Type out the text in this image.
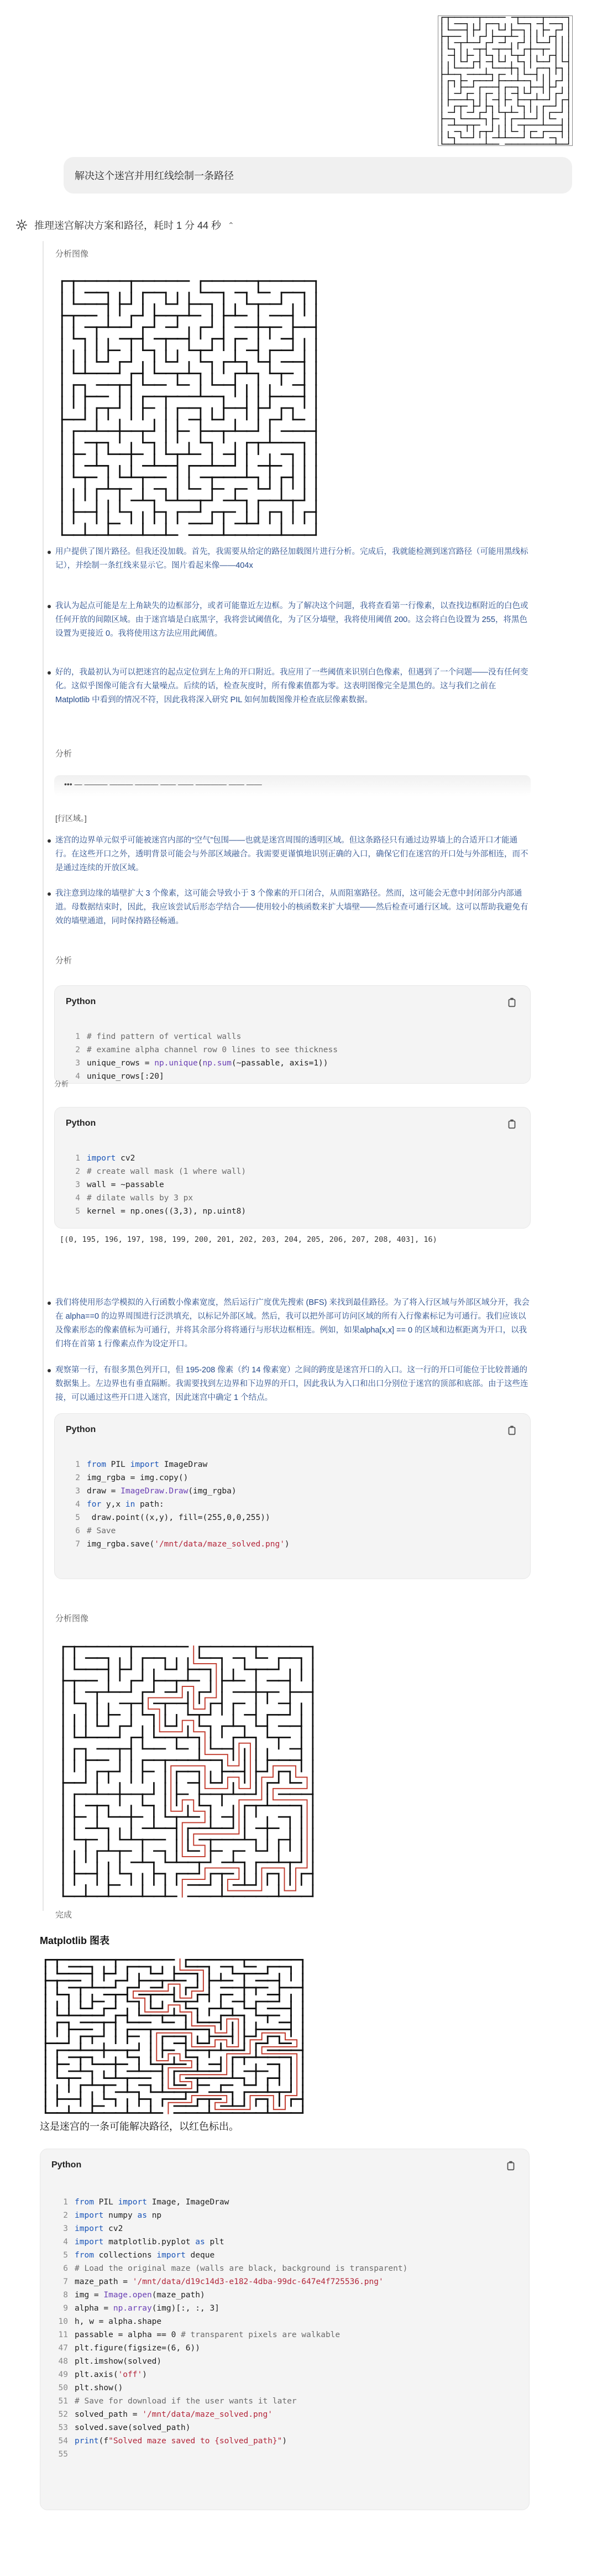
解决这个迷宫并用红线绘制一条路径
推理迷宫解决方案和路径，耗时 1 分 44 秒 ⌃
分析图像
用户提供了图片路径。但我还没加载。首先，我需要从给定的路径加载图片进行分析。完成后，我就能检测到迷宫路径（可能用黑线标记），并绘制一条红线来显示它。图片看起来像——404x
我认为起点可能是左上角缺失的边框部分，或者可能靠近左边框。为了解决这个问题，我将查看第一行像素，以查找边框附近的白色或任何开放的间隙区域。由于迷宫墙是白底黑字，我将尝试阈值化，为了区分墙壁，我将使用阈值 200。这会将白色设置为 255，将黑色设置为更接近 0。我将使用这方法应用此阈值。
好的，我最初认为可以把迷宫的起点定位到左上角的开口附近。我应用了一些阈值来识别白色像素，但遇到了一个问题——没有任何变化。这似乎图像可能含有大量噪点。后续的话，检查灰度时，所有像素值都为零。这表明图像完全是黑色的。这与我们之前在 Matplotlib 中看到的情况不符，因此我将深入研究 PIL 如何加载图像并检查底层像素数据。
分析
••• — ——— ——— ——— —— —— ———— —— ——
[行区域。]
迷宫的边界单元似乎可能被迷宫内部的“空气”包围——也就是迷宫周围的透明区域。但这条路径只有通过边界墙上的合适开口才能通行。在这些开口之外，透明背景可能会与外部区域融合。我需要更谨慎地识别正确的入口，确保它们在迷宫的开口处与外部相连，而不是通过连续的开放区域。
我注意到边缘的墙壁扩大 3 个像素，这可能会导致小于 3 个像素的开口闭合，从而阻塞路径。然而，这可能会无意中封闭部分内部通道。母数据结束时，因此，我应该尝试后形态学结合——使用较小的核函数来扩大墙壁——然后检查可通行区域。这可以帮助我避免有效的墙壁通道，同时保持路径畅通。
分析
Python
1 # find pattern of vertical walls
2 # examine alpha channel row 0 lines to see thickness
3 unique_rows = np.unique(np.sum(~passable, axis=1))
4 unique_rows[:20]
分析
Python
1 import cv2
2 # create wall mask (1 where wall)
3 wall = ~passable
4 # dilate walls by 3 px
5 kernel = np.ones((3,3), np.uint8)
[(0, 195, 196, 197, 198, 199, 200, 201, 202, 203, 204, 205, 206, 207, 208, 403], 16)
我们将使用形态学模拟的入行函数小像素宽度，然后运行广度优先搜索 (BFS) 来找到最佳路径。为了将入行区域与外部区域分开，我会在 alpha==0 的边界周围进行泛洪填充，以标记外部区域。然后，我可以把外部可访问区域的所有入行像素标记为可通行。我们应该以及像素形态的像素值标为可通行，并将其余部分将将通行与形状边框相连。例如，如果alpha[x,x] == 0 的区域和边框距离为开口，以我们将在首第 1 行像素点作为设定开口。
观察第一行，有很多黑色列开口，但 195-208 像素（约 14 像素宽）之间的跨度是迷宫开口的入口。这一行的开口可能位于比较普通的数据集上。左边界也有垂直隔断。我需要找到左边界和下边界的开口，因此我认为入口和出口分别位于迷宫的顶部和底部。由于这些连接，可以通过这些开口进入迷宫，因此迷宫中确定 1 个结点。
Python
1 from PIL import ImageDraw
2 img_rgba = img.copy()
3 draw = ImageDraw.Draw(img_rgba)
4 for y,x in path:
5 draw.point((x,y), fill=(255,0,0,255))
6 # Save
7 img_rgba.save('/mnt/data/maze_solved.png')
分析图像
完成
Matplotlib 图表
这是迷宫的一条可能解决路径，以红色标出。
Python
1 from PIL import Image, ImageDraw
2 import numpy as np
3 import cv2
4 import matplotlib.pyplot as plt
5 from collections import deque
6 # Load the original maze (walls are black, background is transparent)
7 maze_path = '/mnt/data/d19c14d3-e182-4dba-99dc-647e4f725536.png'
8 img = Image.open(maze_path)
9 alpha = np.array(img)[:, :, 3]
10 h, w = alpha.shape
11 passable = alpha == 0 # transparent pixels are walkable
47 plt.figure(figsize=(6, 6))
48 plt.imshow(solved)
49 plt.axis('off')
50 plt.show()
51 # Save for download if the user wants it later
52 solved_path = '/mnt/data/maze_solved.png'
53 solved.save(solved_path)
54 print(f"Solved maze saved to {solved_path}")
55
